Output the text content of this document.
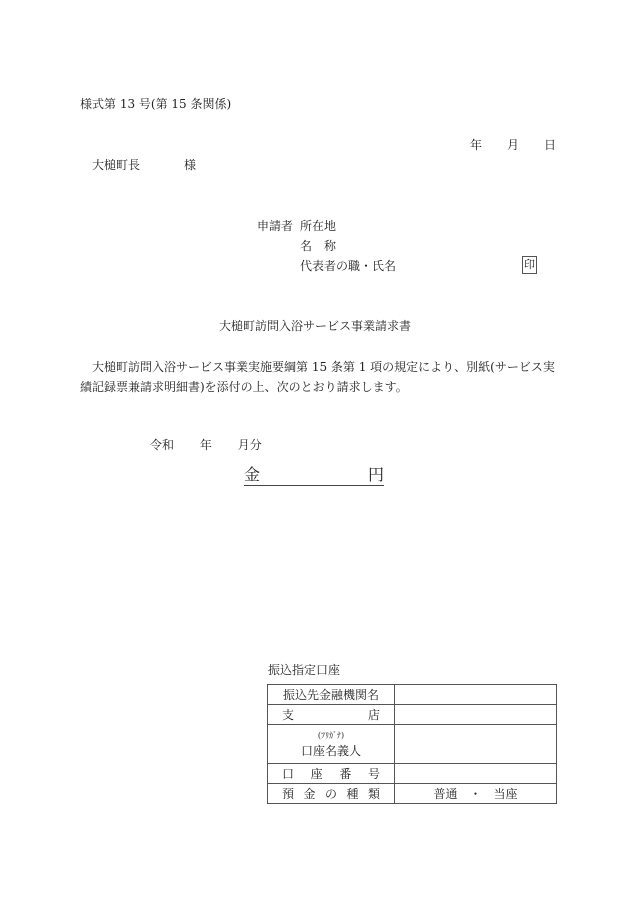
様式第 13 号(第 15 条関係)
年 月 日
大槌町長	様
申請者 所在地
名 称
代表者の職・氏名	印
大槌町訪問入浴サービス事業請求書
大槌町訪問入浴サービス事業実施要綱第 15 条第 1 項の規定により、別紙(サービス実績記録票兼請求明細書)を添付の上、次のとおり請求します。
令和 年 月分
金	円
振込指定口座
振込先金融機関名	

支 店	

(ﾌﾘｶﾞﾅ)
口座名義人	

口 座 番 号	

預 金 の 種 類	普通　・　当座
